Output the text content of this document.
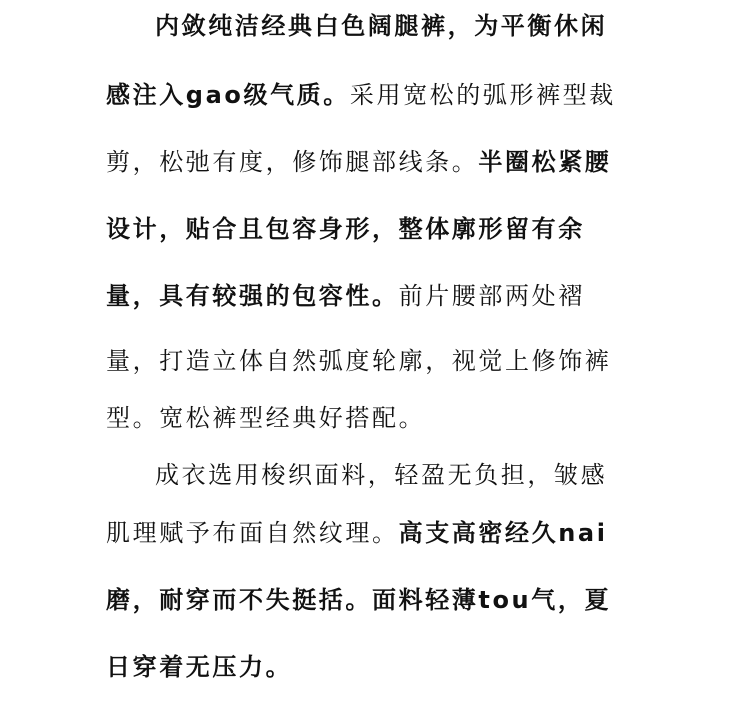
内敛纯洁经典白色阔腿裤，为平衡休闲
感注入gao级气质。采用宽松的弧形裤型裁
剪，松弛有度，修饰腿部线条。半圈松紧腰
设计，贴合且包容身形，整体廓形留有余
量，具有较强的包容性。前片腰部两处褶
量，打造立体自然弧度轮廓，视觉上修饰裤
型。宽松裤型经典好搭配。
成衣选用梭织面料，轻盈无负担，皱感
肌理赋予布面自然纹理。高支高密经久nai
磨，耐穿而不失挺括。面料轻薄tou气，夏
日穿着无压力。
